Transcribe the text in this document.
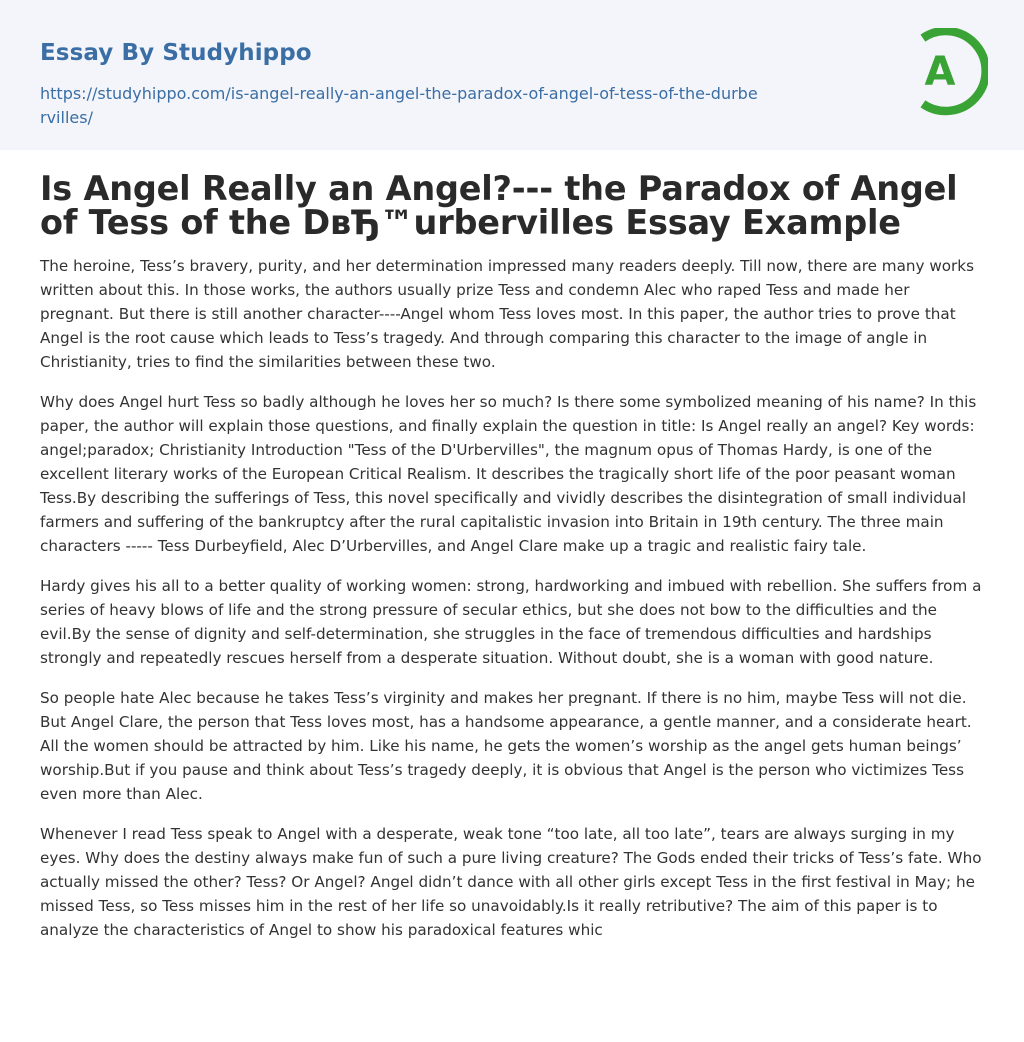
Essay By Studyhippo
https://studyhippo.com/is-angel-really-an-angel-the-paradox-of-angel-of-tess-of-the-durbervilles/
A
Is Angel Really an Angel?--- the Paradox of Angel of Tess of the DвЂ™urbervilles Essay Example

The heroine, Tess’s bravery, purity, and her determination impressed many readers deeply. Till now, there are many works written about this. In those works, the authors usually prize Tess and condemn Alec who raped Tess and made her pregnant. But there is still another character----Angel whom Tess loves most. In this paper, the author tries to prove that Angel is the root cause which leads to Tess’s tragedy. And through comparing this character to the image of angle in Christianity, tries to find the similarities between these two.

Why does Angel hurt Tess so badly although he loves her so much? Is there some symbolized meaning of his name? In this paper, the author will explain those questions, and finally explain the question in title: Is Angel really an angel? Key words: angel;paradox; Christianity Introduction "Tess of the D'Urbervilles", the magnum opus of Thomas Hardy, is one of the excellent literary works of the European Critical Realism. It describes the tragically short life of the poor peasant woman Tess.By describing the sufferings of Tess, this novel specifically and vividly describes the disintegration of small individual farmers and suffering of the bankruptcy after the rural capitalistic invasion into Britain in 19th century. The three main characters ----- Tess Durbeyfield, Alec D’Urbervilles, and Angel Clare make up a tragic and realistic fairy tale.

Hardy gives his all to a better quality of working women: strong, hardworking and imbued with rebellion. She suffers from a series of heavy blows of life and the strong pressure of secular ethics, but she does not bow to the difficulties and the evil.By the sense of dignity and self-determination, she struggles in the face of tremendous difficulties and hardships strongly and repeatedly rescues herself from a desperate situation. Without doubt, she is a woman with good nature.

So people hate Alec because he takes Tess’s virginity and makes her pregnant. If there is no him, maybe Tess will not die. But Angel Clare, the person that Tess loves most, has a handsome appearance, a gentle manner, and a considerate heart. All the women should be attracted by him. Like his name, he gets the women’s worship as the angel gets human beings’ worship.But if you pause and think about Tess’s tragedy deeply, it is obvious that Angel is the person who victimizes Tess even more than Alec.

Whenever I read Tess speak to Angel with a desperate, weak tone “too late, all too late”, tears are always surging in my eyes. Why does the destiny always make fun of such a pure living creature? The Gods ended their tricks of Tess’s fate. Who actually missed the other? Tess? Or Angel? Angel didn’t dance with all other girls except Tess in the first festival in May; he missed Tess, so Tess misses him in the rest of her life so unavoidably.Is it really retributive? The aim of this paper is to analyze the characteristics of Angel to show his paradoxical features whic
